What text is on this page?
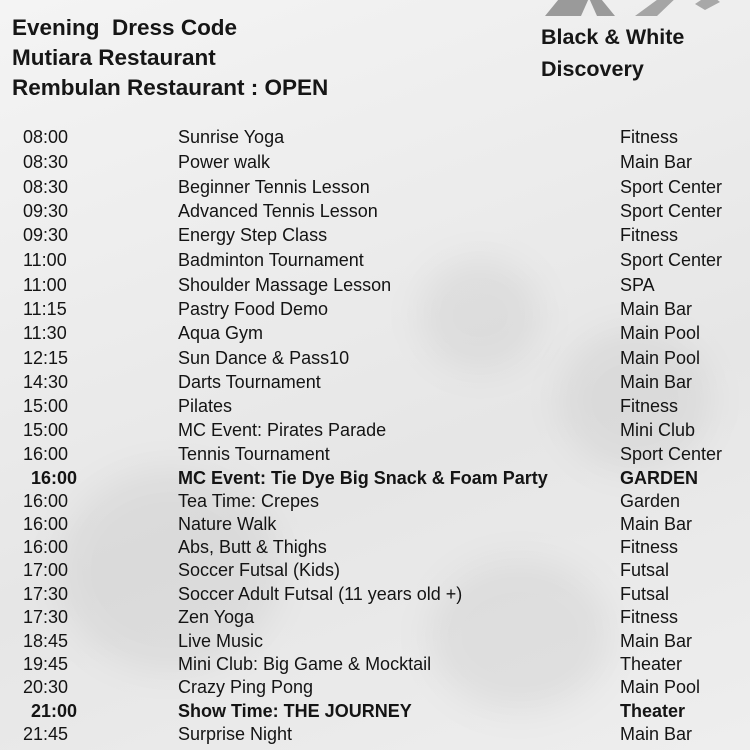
Evening  Dress Code
Mutiara Restaurant
Rembulan Restaurant : OPEN
Black & White
Discovery
08:00	Sunrise Yoga	Fitness
08:30	Power walk	Main Bar
08:30	Beginner Tennis Lesson	Sport Center
09:30	Advanced Tennis Lesson	Sport Center
09:30	Energy Step Class	Fitness
11:00	Badminton Tournament	Sport Center
11:00	Shoulder Massage Lesson	SPA
11:15	Pastry Food Demo	Main Bar
11:30	Aqua Gym	Main Pool
12:15	Sun Dance & Pass10	Main Pool
14:30	Darts Tournament	Main Bar
15:00	Pilates	Fitness
15:00	MC Event: Pirates Parade	Mini Club
16:00	Tennis Tournament	Sport Center
16:00	MC Event: Tie Dye Big Snack & Foam Party	GARDEN
16:00	Tea Time: Crepes	Garden
16:00	Nature Walk	Main Bar
16:00	Abs, Butt & Thighs	Fitness
17:00	Soccer Futsal (Kids)	Futsal
17:30	Soccer Adult Futsal (11 years old +)	Futsal
17:30	Zen Yoga	Fitness
18:45	Live Music	Main Bar
19:45	Mini Club: Big Game & Mocktail	Theater
20:30	Crazy Ping Pong	Main Pool
21:00	Show Time: THE JOURNEY	Theater
21:45	Surprise Night	Main Bar
